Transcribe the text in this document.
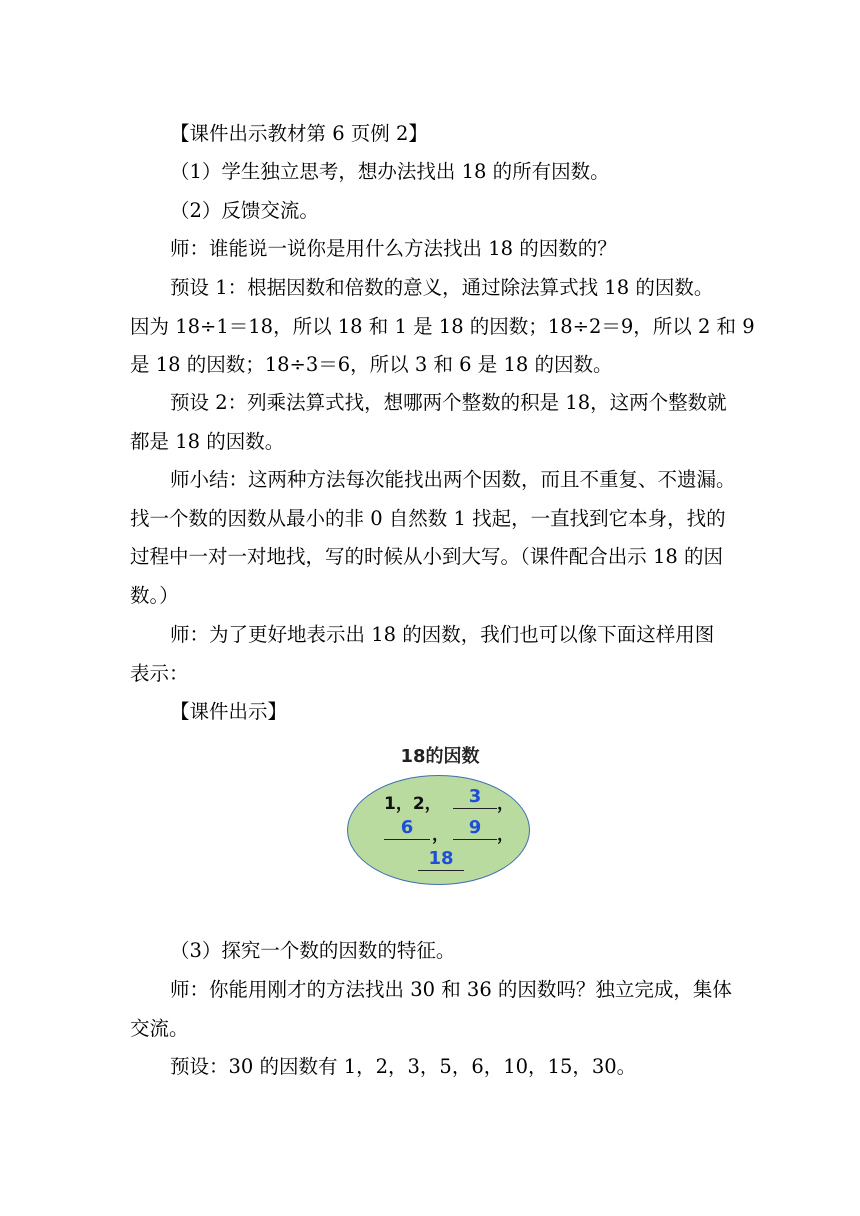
【课件出示教材第 6 页例 2】

（1）学生独立思考，想办法找出 18 的所有因数。

（2）反馈交流。

师：谁能说一说你是用什么方法找出 18 的因数的？

预设 1：根据因数和倍数的意义，通过除法算式找 18 的因数。
因为 18÷1＝18，所以 18 和 1 是 18 的因数；18÷2＝9，所以 2 和 9
是 18 的因数；18÷3＝6，所以 3 和 6 是 18 的因数。

预设 2：列乘法算式找，想哪两个整数的积是 18，这两个整数就
都是 18 的因数。

师小结：这两种方法每次能找出两个因数，而且不重复、不遗漏。
找一个数的因数从最小的非 0 自然数 1 找起，一直找到它本身，找的
过程中一对一对地找，写的时候从小到大写。（课件配合出示 18 的因
数。）

师：为了更好地表示出 18 的因数，我们也可以像下面这样用图
表示：

【课件出示】

18的因数
1，2，	3 ，
6	，	9 ，
18

（3）探究一个数的因数的特征。

师：你能用刚才的方法找出 30 和 36 的因数吗？独立完成，集体
交流。

预设：30 的因数有 1，2，3，5，6，10，15，30。
